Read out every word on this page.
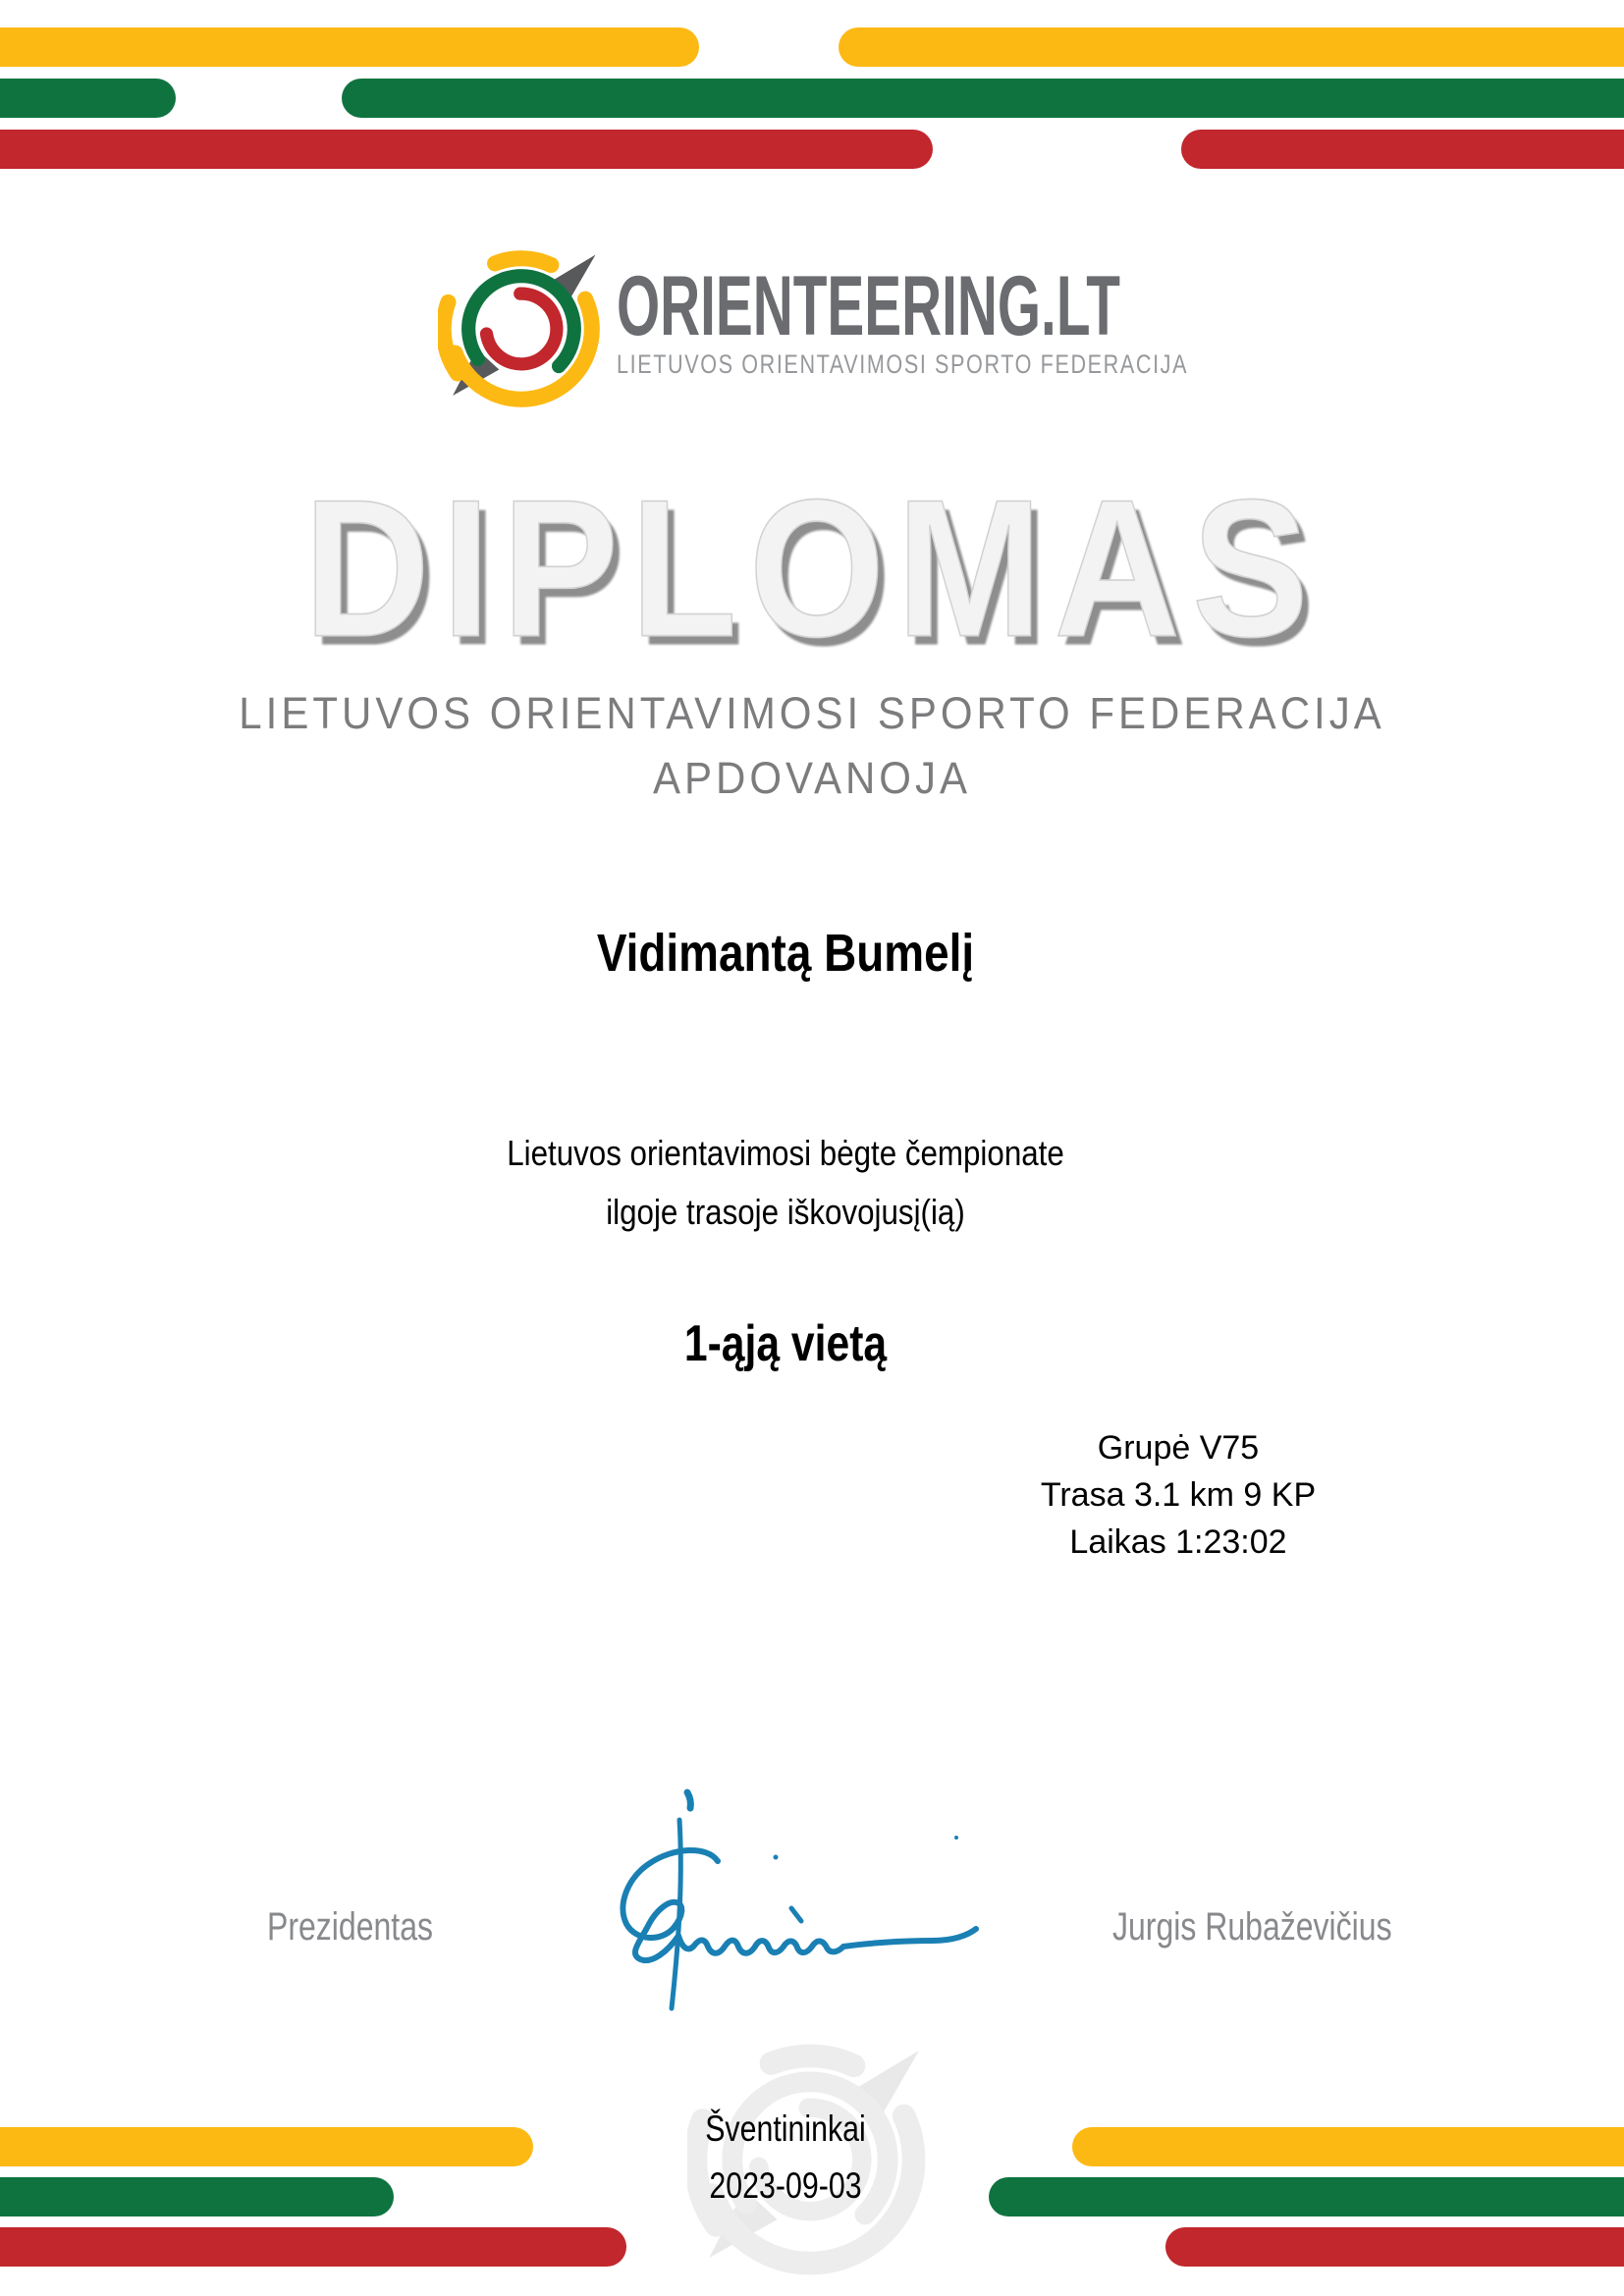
ORIENTEERING.LT
LIETUVOS ORIENTAVIMOSI SPORTO FEDERACIJA
DIPLOMAS
LIETUVOS ORIENTAVIMOSI SPORTO FEDERACIJA
APDOVANOJA
Vidimantą Bumelį
Lietuvos orientavimosi bėgte čempionate
ilgoje trasoje iškovojusį(ią)
1-ąją vietą
Grupė V75
Trasa 3.1 km 9 KP
Laikas 1:23:02
Prezidentas	Jurgis Rubaževičius
Šventininkai
2023-09-03
